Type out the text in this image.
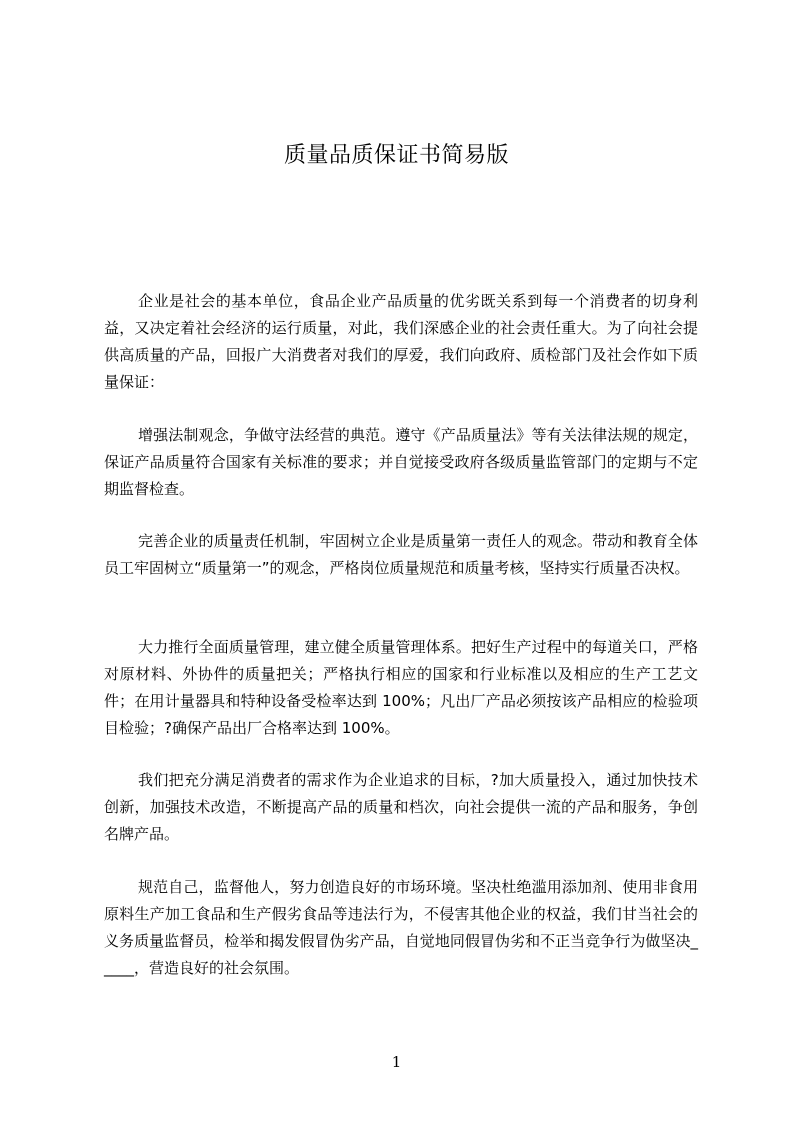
质量品质保证书简易版

企业是社会的基本单位，食品企业产品质量的优劣既关系到每一个消费者的切身利益，又决定着社会经济的运行质量，对此，我们深感企业的社会责任重大。为了向社会提供高质量的产品，回报广大消费者对我们的厚爱，我们向政府、质检部门及社会作如下质量保证：

增强法制观念，争做守法经营的典范。遵守《产品质量法》等有关法律法规的规定，保证产品质量符合国家有关标准的要求；并自觉接受政府各级质量监管部门的定期与不定期监督检查。

完善企业的质量责任机制，牢固树立企业是质量第一责任人的观念。带动和教育全体员工牢固树立“质量第一”的观念，严格岗位质量规范和质量考核，坚持实行质量否决权。

大力推行全面质量管理，建立健全质量管理体系。把好生产过程中的每道关口，严格对原材料、外协件的质量把关；严格执行相应的国家和行业标准以及相应的生产工艺文件；在用计量器具和特种设备受检率达到 100%；凡出厂产品必须按该产品相应的检验项目检验；?确保产品出厂合格率达到 100%。

我们把充分满足消费者的需求作为企业追求的目标，?加大质量投入，通过加快技术创新，加强技术改造，不断提高产品的质量和档次，向社会提供一流的产品和服务，争创名牌产品。

规范自己，监督他人，努力创造良好的市场环境。坚决杜绝滥用添加剂、使用非食用原料生产加工食品和生产假劣食品等违法行为，不侵害其他企业的权益，我们甘当社会的义务质量监督员，检举和揭发假冒伪劣产品，自觉地同假冒伪劣和不正当竞争行为做坚决_____，营造良好的社会氛围。

1
